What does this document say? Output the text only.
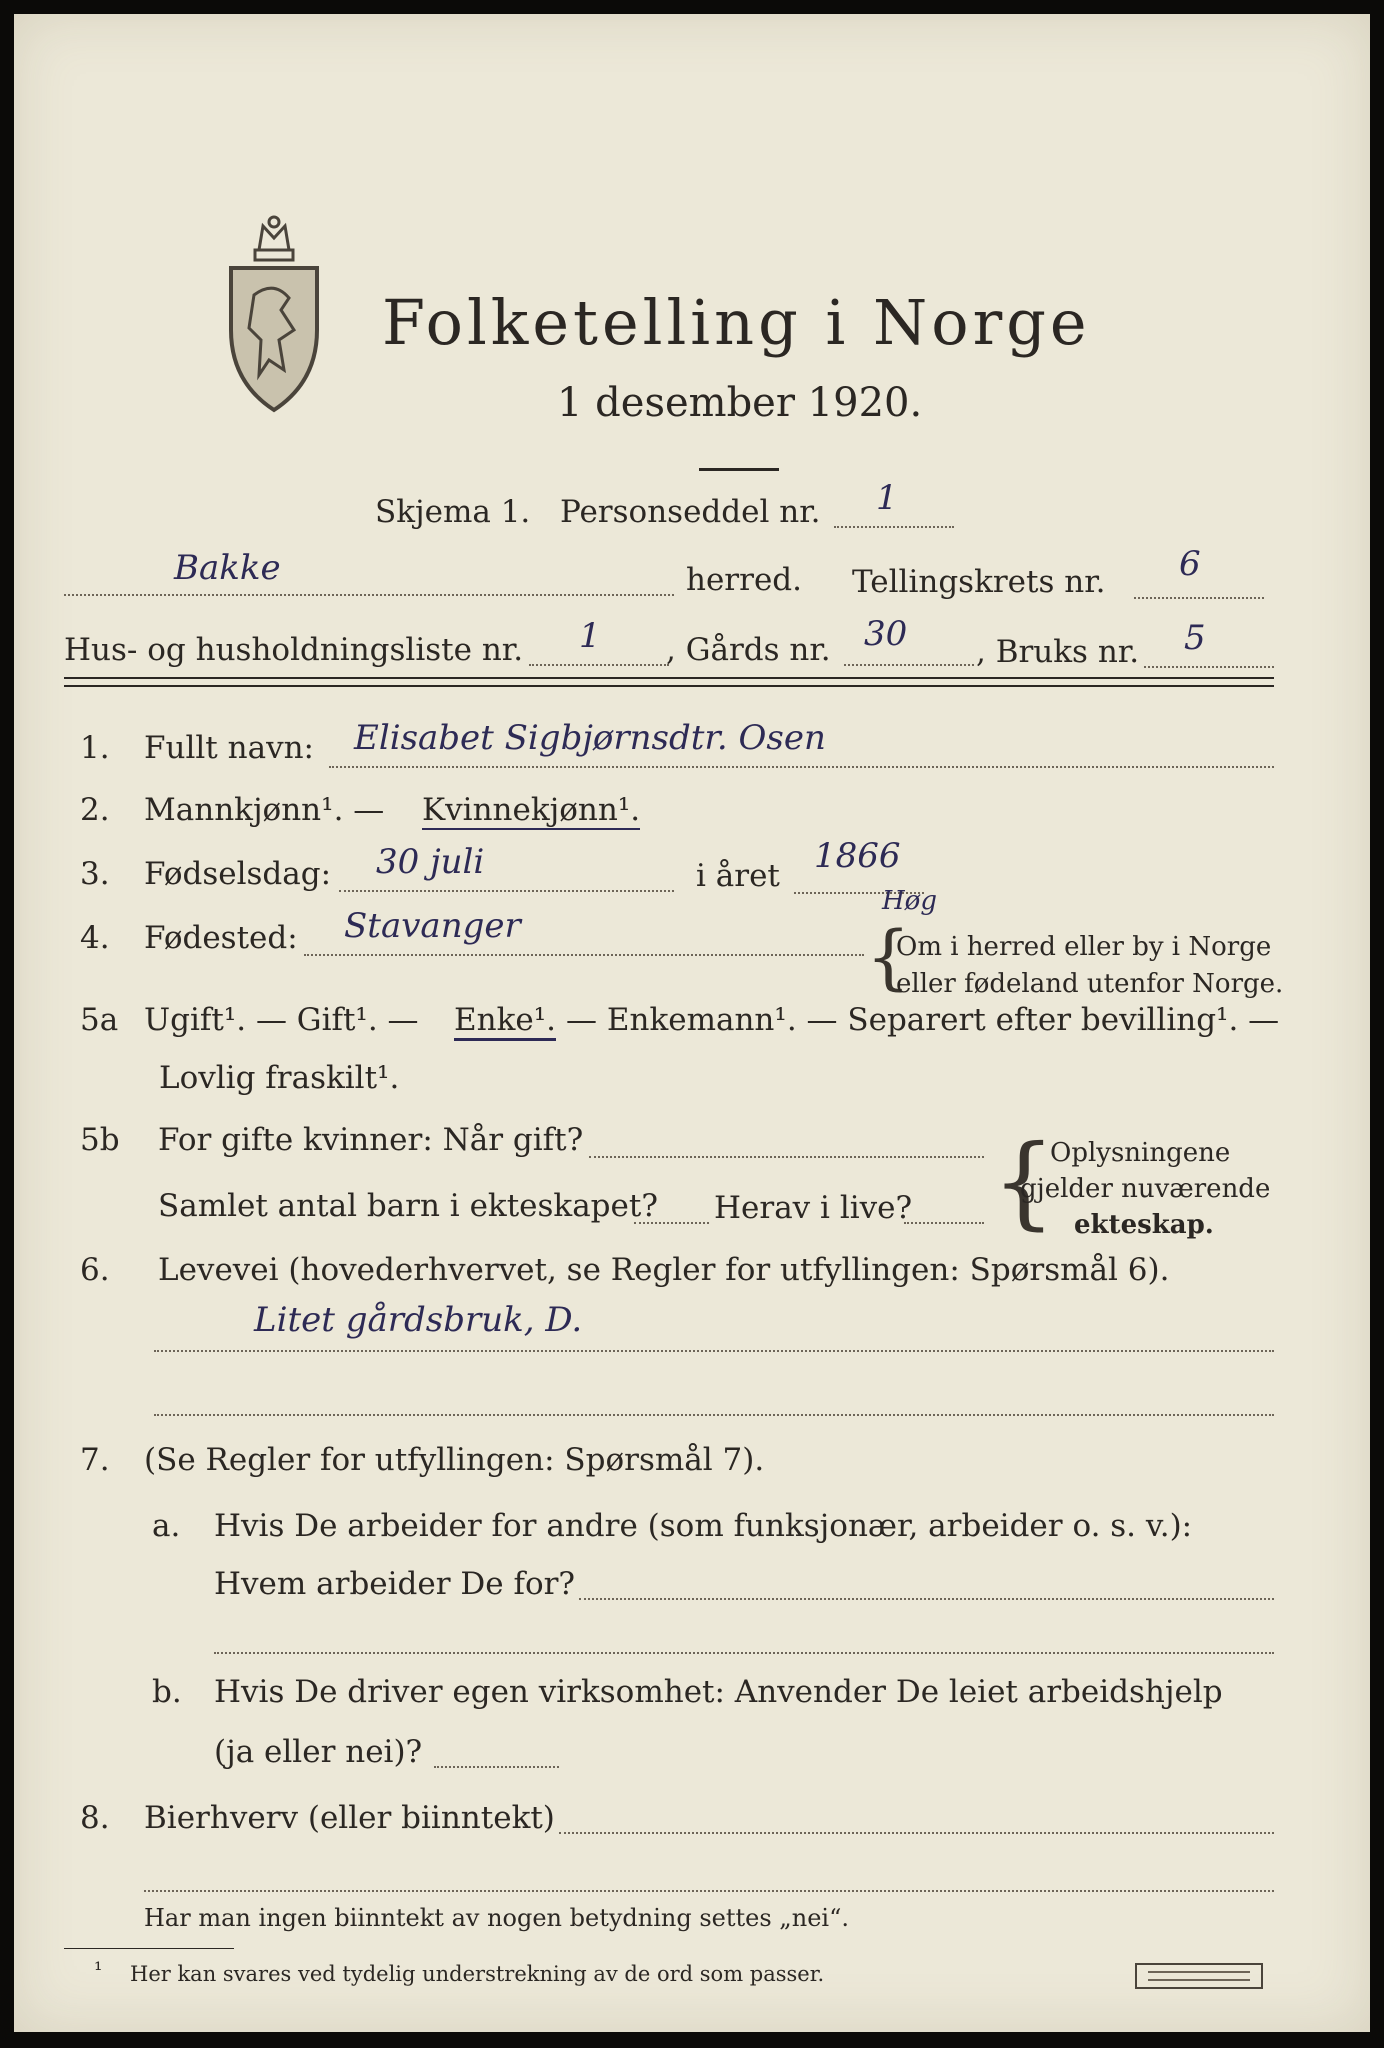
Folketelling i Norge
1 desember 1920.
Skjema 1. Personseddel nr. 1
Bakke	herred. Tellingskrets nr. 6
Hus- og husholdningsliste nr. 1 , Gårds nr. 30 , Bruks nr. 5
1. Fullt navn: Elisabet Sigbjørnsdtr. Osen
2. Mannkjønn¹. — Kvinnekjønn¹.
3. Fødselsdag: 30 juli	i året 1866
4. Fødested: Stavanger
Høg
{
Om i herred eller by i Norge
eller fødeland utenfor Norge.
5a Ugift¹. — Gift¹. — Enke¹. — Enkemann¹. — Separert efter bevilling¹. —
Lovlig fraskilt¹.
5b For gifte kvinner: Når gift?
Samlet antal barn i ekteskapet? Herav i live? {
Oplysningene
gjelder nuværende
ekteskap.
6. Levevei (hovederhvervet, se Regler for utfyllingen: Spørsmål 6).
Litet gårdsbruk, D.
7. (Se Regler for utfyllingen: Spørsmål 7).
a. Hvis De arbeider for andre (som funksjonær, arbeider o. s. v.):
Hvem arbeider De for?
b. Hvis De driver egen virksomhet: Anvender De leiet arbeidshjelp
(ja eller nei)?
8. Bierhverv (eller biinntekt)
Har man ingen biinntekt av nogen betydning settes „nei“.
¹ Her kan svares ved tydelig understrekning av de ord som passer.
